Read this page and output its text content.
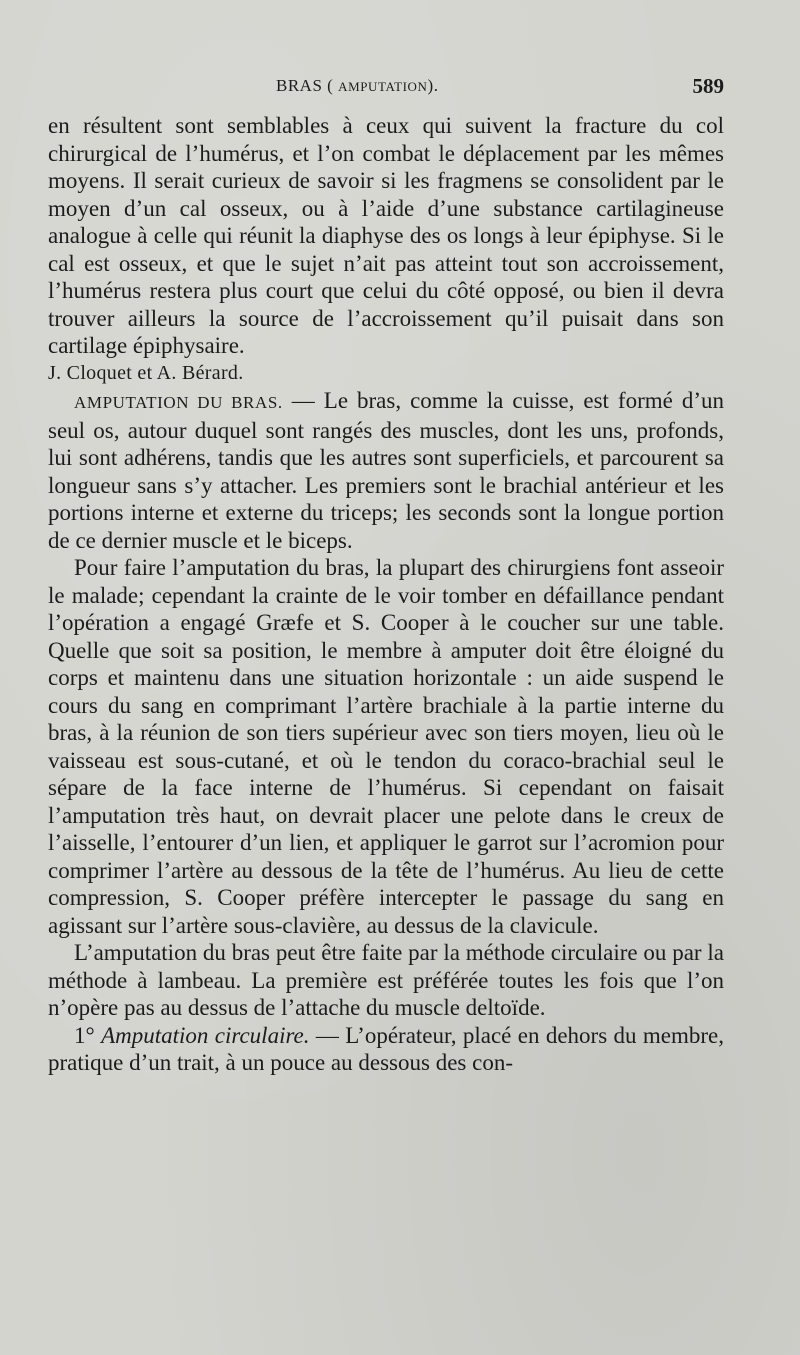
BRAS ( AMPUTATION).	589

en résultent sont semblables à ceux qui suivent la fracture du col chirurgical de l’humérus, et l’on combat le déplacement par les mêmes moyens. Il serait curieux de savoir si les fragmens se consolident par le moyen d’un cal osseux, ou à l’aide d’une substance cartilagineuse analogue à celle qui réunit la diaphyse des os longs à leur épiphyse. Si le cal est osseux, et que le sujet n’ait pas atteint tout son accroissement, l’humérus restera plus court que celui du côté opposé, ou bien il devra trouver ailleurs la source de l’accroissement qu’il puisait dans son cartilage épiphysaire.

J. Cloquet et A. Bérard.

AMPUTATION DU BRAS. — Le bras, comme la cuisse, est formé d’un seul os, autour duquel sont rangés des muscles, dont les uns, profonds, lui sont adhérens, tandis que les autres sont superficiels, et parcourent sa longueur sans s’y attacher. Les premiers sont le brachial antérieur et les portions interne et externe du triceps; les seconds sont la longue portion de ce dernier muscle et le biceps.

Pour faire l’amputation du bras, la plupart des chirurgiens font asseoir le malade; cependant la crainte de le voir tomber en défaillance pendant l’opération a engagé Græfe et S. Cooper à le coucher sur une table. Quelle que soit sa position, le membre à amputer doit être éloigné du corps et maintenu dans une situation horizontale : un aide suspend le cours du sang en comprimant l’artère brachiale à la partie interne du bras, à la réunion de son tiers supérieur avec son tiers moyen, lieu où le vaisseau est sous-cutané, et où le tendon du coraco-brachial seul le sépare de la face interne de l’humérus. Si cependant on faisait l’amputation très haut, on devrait placer une pelote dans le creux de l’aisselle, l’entourer d’un lien, et appliquer le garrot sur l’acromion pour comprimer l’artère au dessous de la tête de l’humérus. Au lieu de cette compression, S. Cooper préfère intercepter le passage du sang en agissant sur l’artère sous-clavière, au dessus de la clavicule.

L’amputation du bras peut être faite par la méthode circulaire ou par la méthode à lambeau. La première est préférée toutes les fois que l’on n’opère pas au dessus de l’attache du muscle deltoïde.

1° Amputation circulaire. — L’opérateur, placé en dehors du membre, pratique d’un trait, à un pouce au dessous des con-
